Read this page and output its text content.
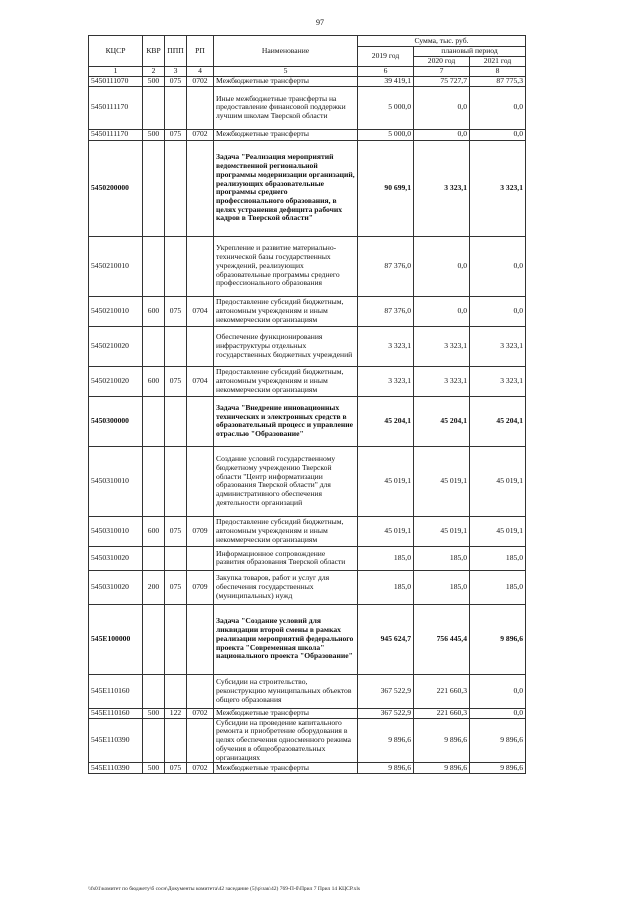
97
КЦСР	КВР	ППП	РП	Наименование	Сумма, тыс. руб.		
					2019 год	плановый период	
						2020 год	2021 год
1	2	3	4	5	6	7	8
5450111070	500	075	0702	Межбюджетные трансферты	39 419,1	75 727,7	87 775,3
5450111170				Иные межбюджетные трансферты на предоставление финансовой поддержки лучшим школам Тверской области	5 000,0	0,0	0,0
5450111170	500	075	0702	Межбюджетные трансферты	5 000,0	0,0	0,0
5450200000				Задача "Реализация мероприятий ведомственной региональной программы модернизации организаций, реализующих образовательные программы среднего профессионального образования, в целях устранения дефицита рабочих кадров в Тверской области"	90 699,1	3 323,1	3 323,1
5450210010				Укрепление и развитие материально-технической базы государственных учреждений, реализующих образовательные программы среднего профессионального образования	87 376,0	0,0	0,0
5450210010	600	075	0704	Предоставление субсидий бюджетным, автономным учреждениям и иным некоммерческим организациям	87 376,0	0,0	0,0
5450210020				Обеспечение функционирования инфраструктуры отдельных государственных бюджетных учреждений	3 323,1	3 323,1	3 323,1
5450210020	600	075	0704	Предоставление субсидий бюджетным, автономным учреждениям и иным некоммерческим организациям	3 323,1	3 323,1	3 323,1
5450300000				Задача "Внедрение инновационных технических и электронных средств в образовательный процесс и управление отраслью "Образование"	45 204,1	45 204,1	45 204,1
5450310010				Создание условий государственному бюджетному учреждению Тверской области "Центр информатизации образования Тверской области" для административного обеспечения деятельности организаций	45 019,1	45 019,1	45 019,1
5450310010	600	075	0709	Предоставление субсидий бюджетным, автономным учреждениям и иным некоммерческим организациям	45 019,1	45 019,1	45 019,1
5450310020				Информационное сопровождение развития образования Тверской области	185,0	185,0	185,0
5450310020	200	075	0709	Закупка товаров, работ и услуг для обеспечения государственных (муниципальных) нужд	185,0	185,0	185,0
545E100000				Задача "Создание условий для ликвидации второй смены в рамках реализации мероприятий федерального проекта "Современная школа" национального проекта "Образование"	945 624,7	756 445,4	9 896,6
545E110160				Субсидии на строительство, реконструкцию муниципальных объектов общего образования	367 522,9	221 660,3	0,0
545E110160	500	122	0702	Межбюджетные трансферты	367 522,9	221 660,3	0,0
545E110390				Субсидии на проведение капитального ремонта и приобретение оборудования в целях обеспечения односменного режима обучения в общеобразовательных организациях	9 896,6	9 896,6	9 896,6
545E110390	500	075	0702	Межбюджетные трансферты	9 896,6	9 896,6	9 896,6
\\fs01\комитет по бюджету\б сосн\Документы комитета\42 заседание (5)\р\зак\42) 769-П-б\Прил 7 Прил 14 КЦСР.xls
